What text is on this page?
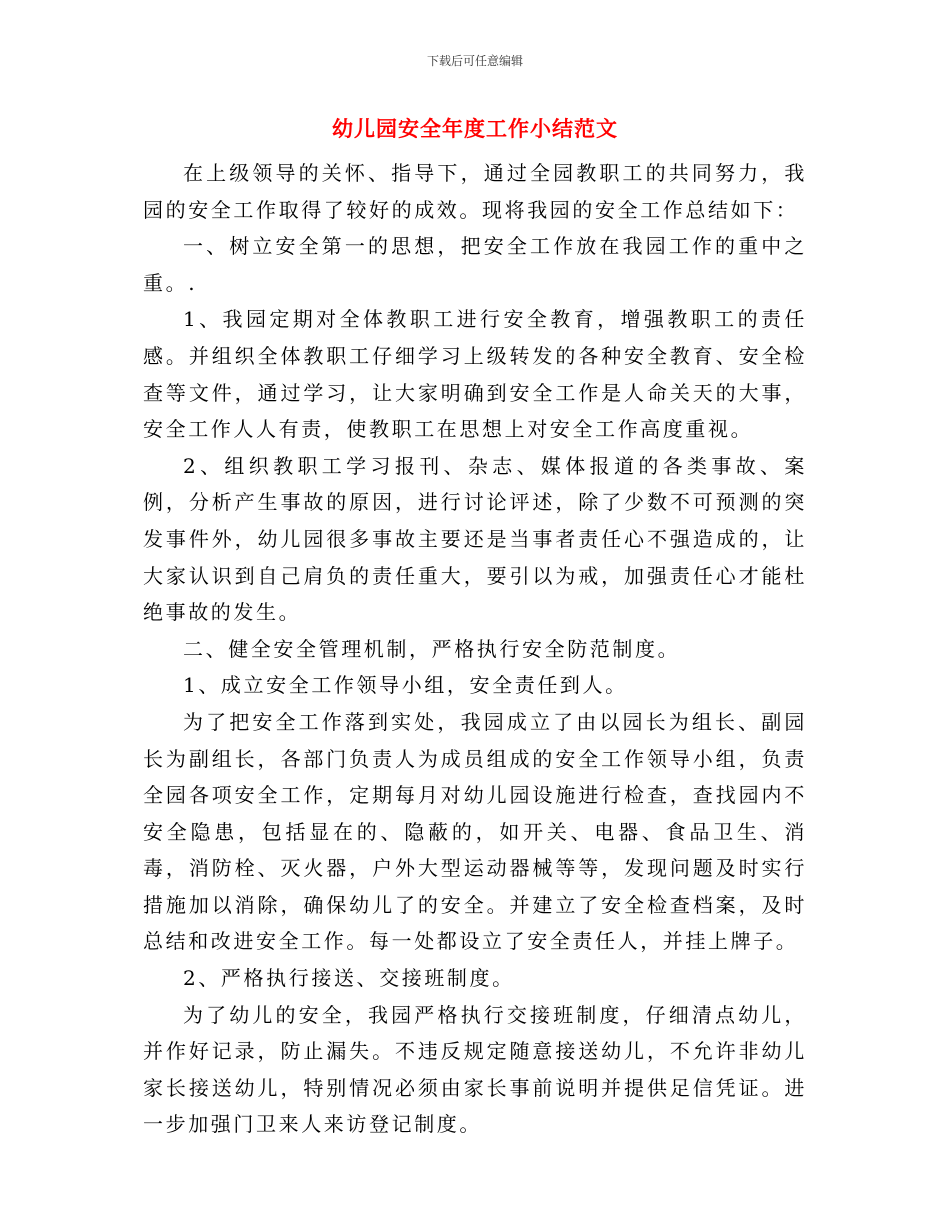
下载后可任意编辑
幼儿园安全年度工作小结范文

在上级领导的关怀、指导下，通过全园教职工的共同努力，我园的安全工作取得了较好的成效。现将我园的安全工作总结如下：

一、树立安全第一的思想，把安全工作放在我园工作的重中之重。.

1、我园定期对全体教职工进行安全教育，增强教职工的责任感。并组织全体教职工仔细学习上级转发的各种安全教育、安全检查等文件，通过学习，让大家明确到安全工作是人命关天的大事，安全工作人人有责，使教职工在思想上对安全工作高度重视。

2、组织教职工学习报刊、杂志、媒体报道的各类事故、案例，分析产生事故的原因，进行讨论评述，除了少数不可预测的突发事件外，幼儿园很多事故主要还是当事者责任心不强造成的，让大家认识到自己肩负的责任重大，要引以为戒，加强责任心才能杜绝事故的发生。

二、健全安全管理机制，严格执行安全防范制度。

1、成立安全工作领导小组，安全责任到人。

为了把安全工作落到实处，我园成立了由以园长为组长、副园长为副组长，各部门负责人为成员组成的安全工作领导小组，负责全园各项安全工作，定期每月对幼儿园设施进行检查，查找园内不安全隐患，包括显在的、隐蔽的，如开关、电器、食品卫生、消毒，消防栓、灭火器，户外大型运动器械等等，发现问题及时实行措施加以消除，确保幼儿了的安全。并建立了安全检查档案，及时总结和改进安全工作。每一处都设立了安全责任人，并挂上牌子。

2、严格执行接送、交接班制度。

为了幼儿的安全，我园严格执行交接班制度，仔细清点幼儿，并作好记录，防止漏失。不违反规定随意接送幼儿，不允许非幼儿家长接送幼儿，特别情况必须由家长事前说明并提供足信凭证。进一步加强门卫来人来访登记制度。
